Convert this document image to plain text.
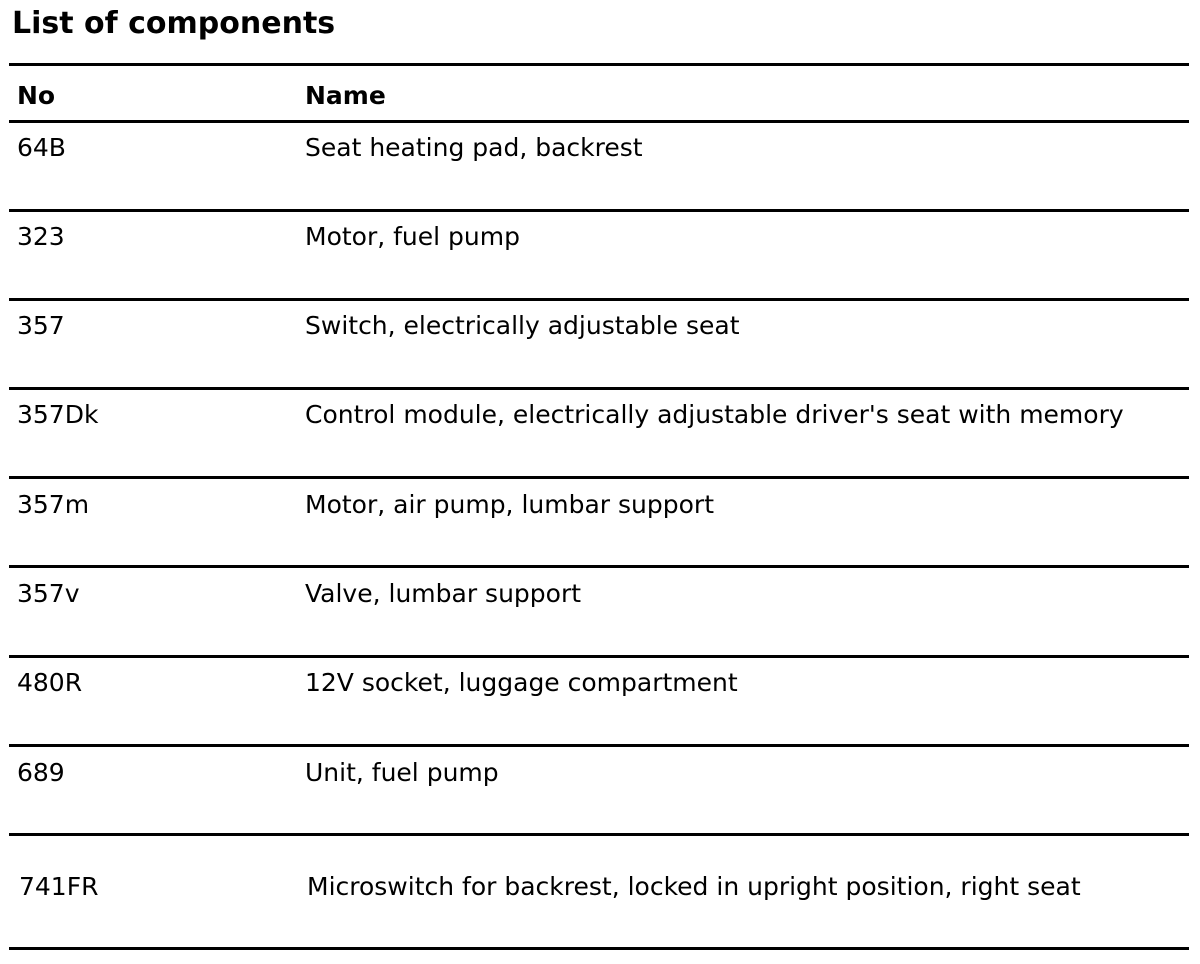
List of components
No	Name
64B	Seat heating pad, backrest
323	Motor, fuel pump
357	Switch, electrically adjustable seat
357Dk	Control module, electrically adjustable driver's seat with memory
357m	Motor, air pump, lumbar support
357v	Valve, lumbar support
480R	12V socket, luggage compartment
689	Unit, fuel pump
741FR	Microswitch for backrest, locked in upright position, right seat
